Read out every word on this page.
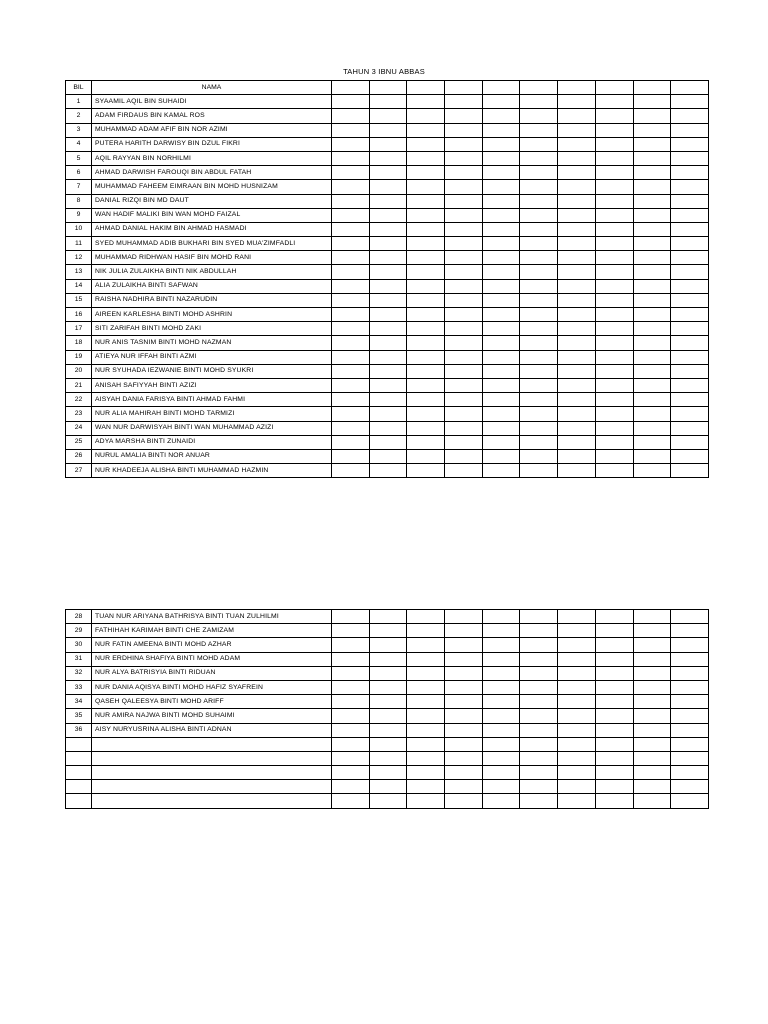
TAHUN 3 IBNU ABBAS
BIL	NAMA										
1	SYAAMIL AQIL BIN SUHAIDI										
2	ADAM FIRDAUS BIN KAMAL ROS										
3	MUHAMMAD ADAM AFIF BIN NOR AZIMI										
4	PUTERA HARITH DARWISY BIN DZUL FIKRI										
5	AQIL RAYYAN BIN NORHILMI										
6	AHMAD DARWISH FAROUQI BIN ABDUL FATAH										
7	MUHAMMAD FAHEEM EIMRAAN BIN MOHD HUSNIZAM										
8	DANIAL RIZQI BIN MD DAUT										
9	WAN HADIF MALIKI BIN WAN MOHD FAIZAL										
10	AHMAD DANIAL HAKIM BIN AHMAD HASMADI										
11	SYED MUHAMMAD ADIB BUKHARI BIN SYED MUA'ZIMFADLI										
12	MUHAMMAD RIDHWAN HASIF BIN MOHD RANI										
13	NIK JULIA ZULAIKHA BINTI NIK ABDULLAH										
14	ALIA ZULAIKHA BINTI SAFWAN										
15	RAISHA NADHIRA BINTI NAZARUDIN										
16	AIREEN KARLESHA BINTI MOHD ASHRIN										
17	SITI ZARIFAH BINTI MOHD ZAKI										
18	NUR ANIS TASNIM BINTI MOHD NAZMAN										
19	ATIEYA NUR IFFAH BINTI AZMI										
20	NUR SYUHADA IEZWANIE BINTI MOHD SYUKRI										
21	ANISAH SAFIYYAH BINTI AZIZI										
22	AISYAH DANIA FARISYA BINTI AHMAD FAHMI										
23	NUR ALIA MAHIRAH BINTI MOHD TARMIZI										
24	WAN NUR DARWISYAH BINTI WAN MUHAMMAD AZIZI										
25	ADYA MARSHA BINTI ZUNAIDI										
26	NURUL AMALIA BINTI NOR ANUAR										
27	NUR KHADEEJA ALISHA BINTI MUHAMMAD HAZMIN										
28	TUAN NUR ARIYANA BATHRISYA BINTI TUAN ZULHILMI										
29	FATHIHAH KARIMAH BINTI CHE ZAMIZAM										
30	NUR FATIN AMEENA BINTI MOHD AZHAR										
31	NUR ERDHINA SHAFIYA BINTI MOHD ADAM										
32	NUR ALYA BATRISYIA BINTI RIDUAN										
33	NUR DANIA AQISYA BINTI MOHD HAFIZ SYAFREIN										
34	QASEH QALEESYA BINTI MOHD ARIFF										
35	NUR AMIRA NAJWA BINTI MOHD SUHAIMI										
36	AISY NURYUSRINA ALISHA BINTI ADNAN										
